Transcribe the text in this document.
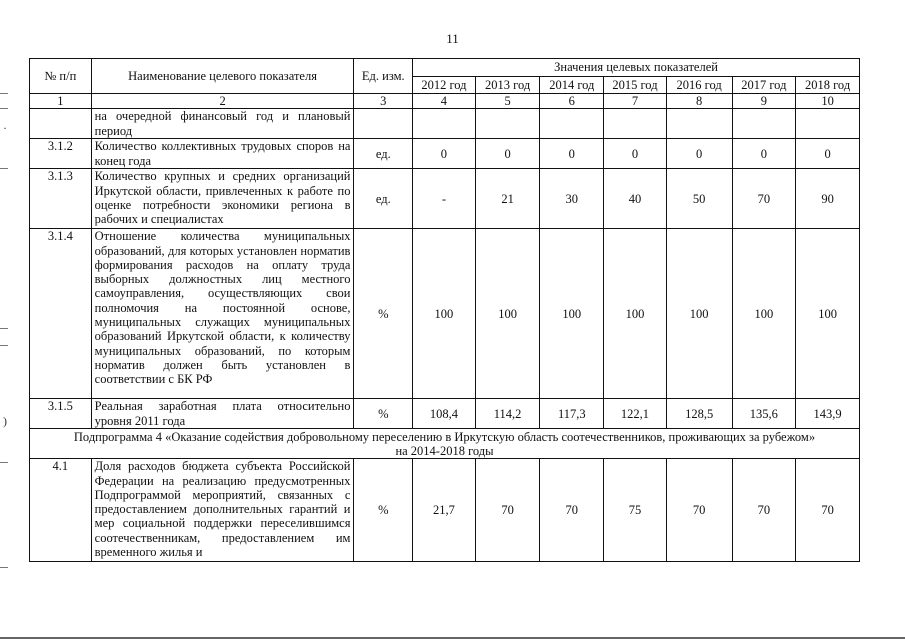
11
·
)
№ п/п	Наименование целевого показателя	Ед. изм.	Значения целевых показателей						
			2012 год	2013 год	2014 год	2015 год	2016 год	2017 год	2018 год
1	2	3	4	5	6	7	8	9	10
	на очередной финансовый год и плановый период								
3.1.2	Количество коллективных трудовых споров на конец года	ед.	0	0	0	0	0	0	0
3.1.3	Количество крупных и средних организаций Иркутской области, привлеченных к работе по оценке потребности экономики региона в рабочих и специалистах	ед.	-	21	30	40	50	70	90
3.1.4	Отношение количества муниципальных образований, для которых установлен норматив формирования расходов на оплату труда выборных должностных лиц местного самоуправления, осуществляющих свои полномочия на постоянной основе, муниципальных служащих муниципальных образований Иркутской области, к количеству муниципальных образований, по которым норматив должен быть установлен в соответствии с БК РФ	%	100	100	100	100	100	100	100
3.1.5	Реальная заработная плата относительно уровня 2011 года	%	108,4	114,2	117,3	122,1	128,5	135,6	143,9

Подпрограмма 4 «Оказание содействия добровольному переселению в Иркутскую область соотечественников, проживающих за рубежом»
на 2014-2018 годы									

4.1	Доля расходов бюджета субъекта Российской Федерации на реализацию предусмотренных Подпрограммой мероприятий, связанных с предоставлением дополнительных гарантий и мер социальной поддержки переселившимся соотечественникам, предоставлением им временного жилья и	%	21,7	70	70	75	70	70	70
